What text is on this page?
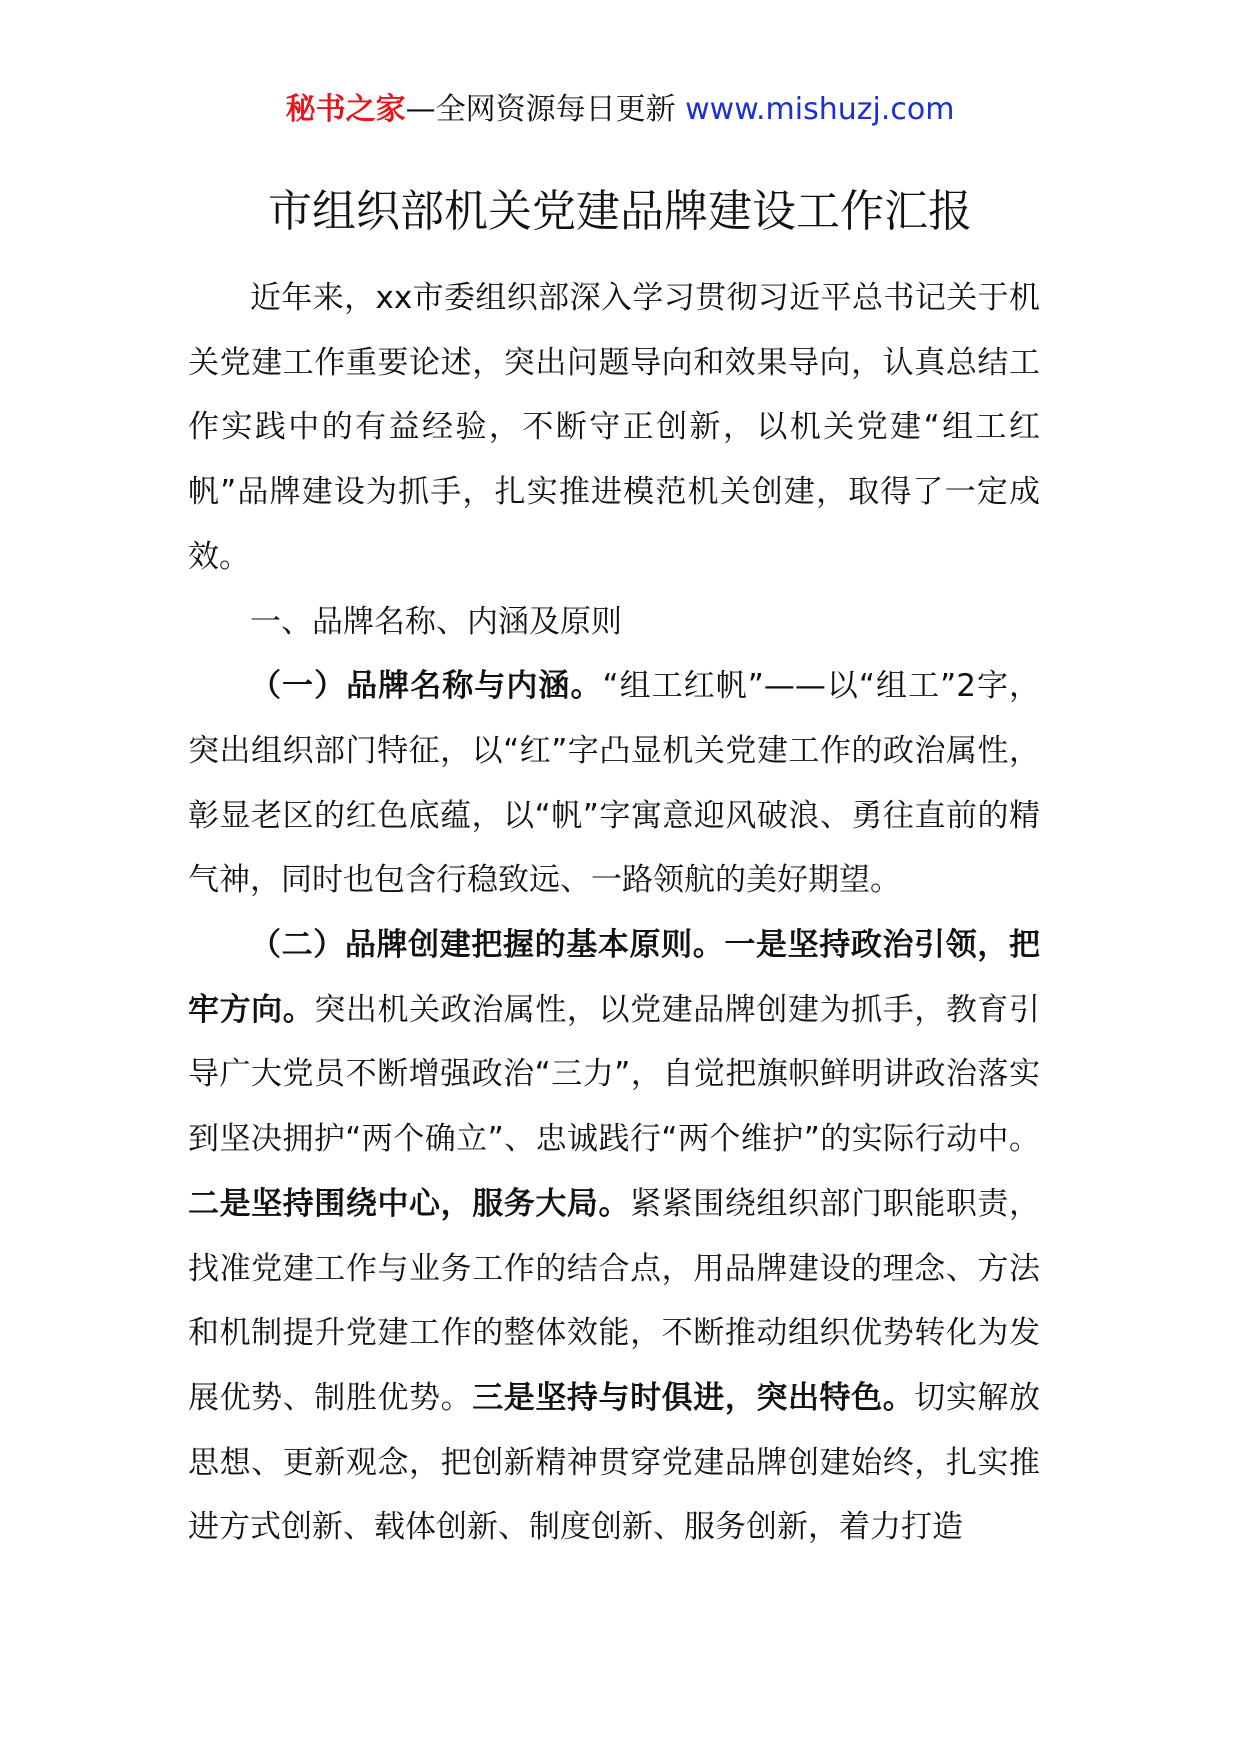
秘书之家—全网资源每日更新 www.mishuzj.com
市组织部机关党建品牌建设工作汇报

近年来，xx市委组织部深入学习贯彻习近平总书记关于机关党建工作重要论述，突出问题导向和效果导向，认真总结工作实践中的有益经验，不断守正创新，以机关党建“组工红帆”品牌建设为抓手，扎实推进模范机关创建，取得了一定成效。

一、品牌名称、内涵及原则

（一）品牌名称与内涵。“组工红帆”——以“组工”2字，突出组织部门特征，以“红”字凸显机关党建工作的政治属性，彰显老区的红色底蕴，以“帆”字寓意迎风破浪、勇往直前的精气神，同时也包含行稳致远、一路领航的美好期望。

（二）品牌创建把握的基本原则。一是坚持政治引领，把牢方向。突出机关政治属性，以党建品牌创建为抓手，教育引导广大党员不断增强政治“三力”，自觉把旗帜鲜明讲政治落实到坚决拥护“两个确立”、忠诚践行“两个维护”的实际行动中。二是坚持围绕中心，服务大局。紧紧围绕组织部门职能职责，找准党建工作与业务工作的结合点，用品牌建设的理念、方法和机制提升党建工作的整体效能，不断推动组织优势转化为发展优势、制胜优势。三是坚持与时俱进，突出特色。切实解放思想、更新观念，把创新精神贯穿党建品牌创建始终，扎实推进方式创新、载体创新、制度创新、服务创新，着力打造
